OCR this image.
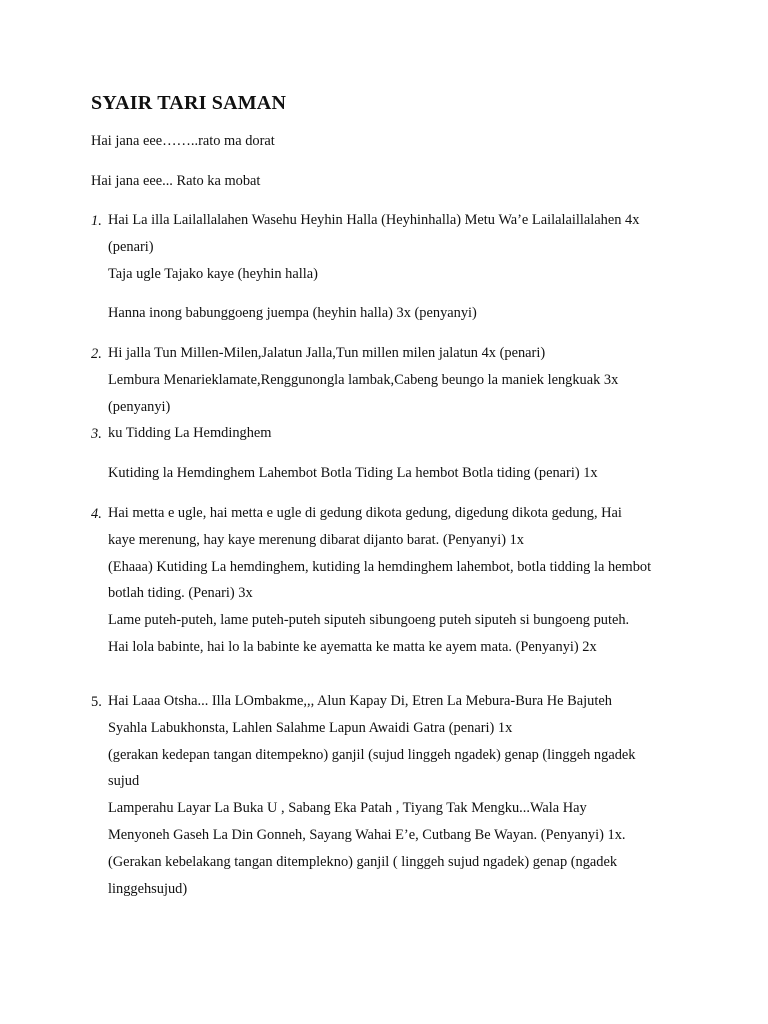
SYAIR TARI SAMAN
Hai jana eee……..rato ma dorat
Hai jana eee... Rato ka mobat
1. Hai La illa Lailallalahen Wasehu Heyhin Halla (Heyhinhalla) Metu Wa’e Lailalaillalahen 4x
(penari)
Taja ugle Tajako kaye (heyhin halla)
Hanna inong babunggoeng juempa (heyhin halla) 3x (penyanyi)
2. Hi jalla Tun Millen-Milen,Jalatun Jalla,Tun millen milen jalatun 4x (penari)
Lembura Menarieklamate,Renggunongla lambak,Cabeng beungo la maniek lengkuak 3x
(penyanyi)
3. ku Tidding La Hemdinghem
Kutiding la Hemdinghem Lahembot Botla Tiding La hembot Botla tiding (penari) 1x
4. Hai metta e ugle, hai metta e ugle di gedung dikota gedung, digedung dikota gedung, Hai
kaye merenung, hay kaye merenung dibarat dijanto barat. (Penyanyi) 1x
(Ehaaa) Kutiding La hemdinghem, kutiding la hemdinghem lahembot, botla tidding la hembot
botlah tiding. (Penari) 3x
Lame puteh-puteh, lame puteh-puteh siputeh sibungoeng puteh siputeh si bungoeng puteh.
Hai lola babinte, hai lo la babinte ke ayematta ke matta ke ayem mata. (Penyanyi) 2x
5. Hai Laaa Otsha... Illa LOmbakme,,, Alun Kapay Di, Etren La Mebura-Bura He Bajuteh
Syahla Labukhonsta, Lahlen Salahme Lapun Awaidi Gatra (penari) 1x
(gerakan kedepan tangan ditempekno) ganjil (sujud linggeh ngadek) genap (linggeh ngadek
sujud
Lamperahu Layar La Buka U , Sabang Eka Patah , Tiyang Tak Mengku...Wala Hay
Menyoneh Gaseh La Din Gonneh, Sayang Wahai E’e, Cutbang Be Wayan. (Penyanyi) 1x.
(Gerakan kebelakang tangan ditemplekno) ganjil ( linggeh sujud ngadek) genap (ngadek
linggehsujud)
